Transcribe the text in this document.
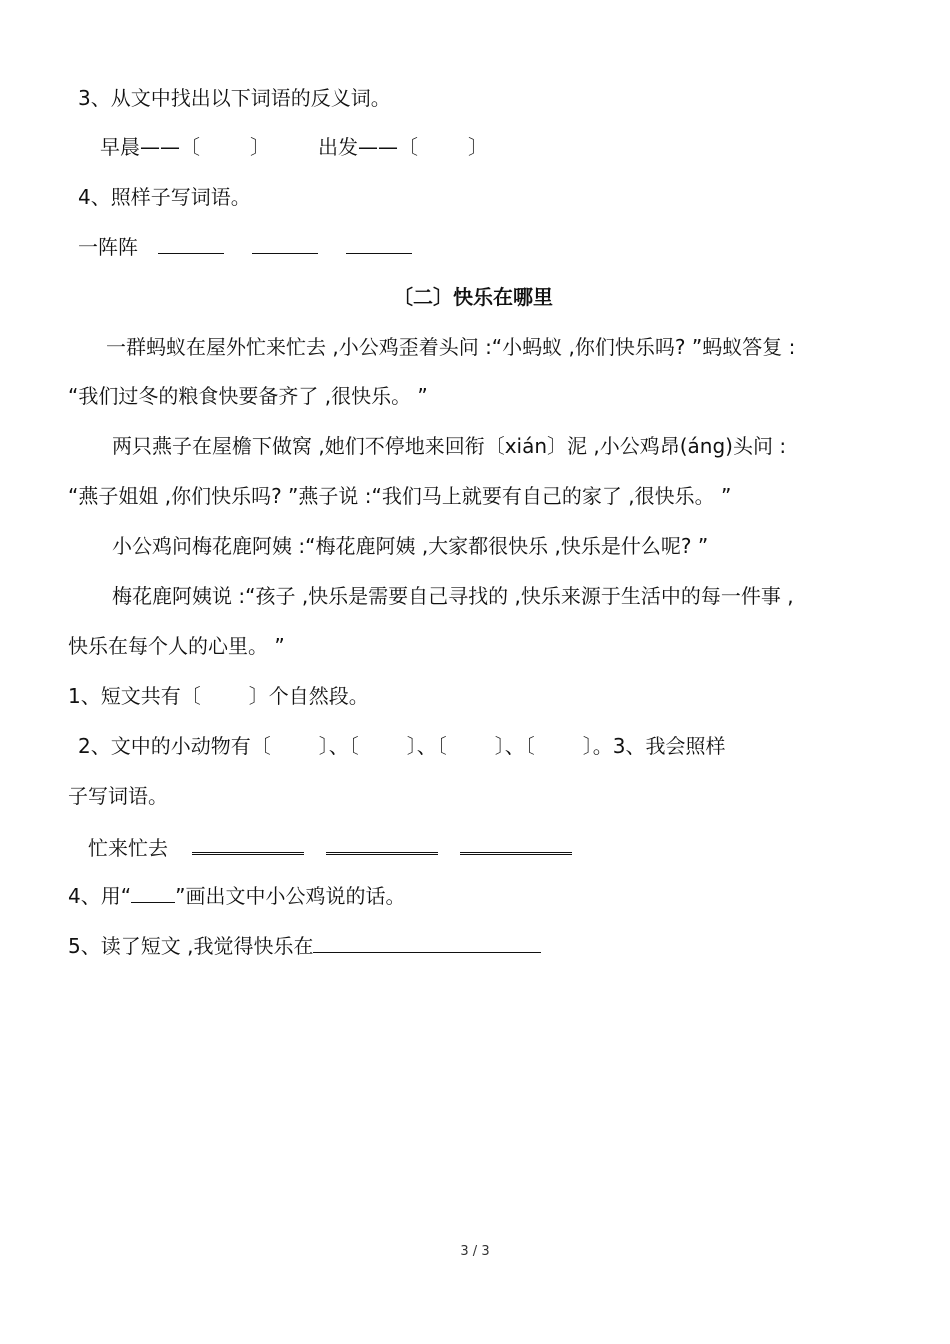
3、从文中找出以下词语的反义词。
早晨——〔	〕 出发——〔	〕
4、照样子写词语。
一阵阵
〔二〕快乐在哪里
一群蚂蚁在屋外忙来忙去 ,小公鸡歪着头问 :“小蚂蚁 ,你们快乐吗? ”蚂蚁答复 :
“我们过冬的粮食快要备齐了 ,很快乐。 ”
两只燕子在屋檐下做窝 ,她们不停地来回衔〔xián〕泥 ,小公鸡昂(áng)头问 :
“燕子姐姐 ,你们快乐吗? ”燕子说 :“我们马上就要有自己的家了 ,很快乐。 ”
小公鸡问梅花鹿阿姨 :“梅花鹿阿姨 ,大家都很快乐 ,快乐是什么呢? ”
梅花鹿阿姨说 :“孩子 ,快乐是需要自己寻找的 ,快乐来源于生活中的每一件事 ,
快乐在每个人的心里。 ”
1、短文共有〔 〕个自然段。
2、文中的小动物有〔 〕、〔 〕、〔 〕、〔 〕。3、我会照样
子写词语。
忙来忙去
4、用“ ”画出文中小公鸡说的话。
5、读了短文 ,我觉得快乐在
3 / 3
